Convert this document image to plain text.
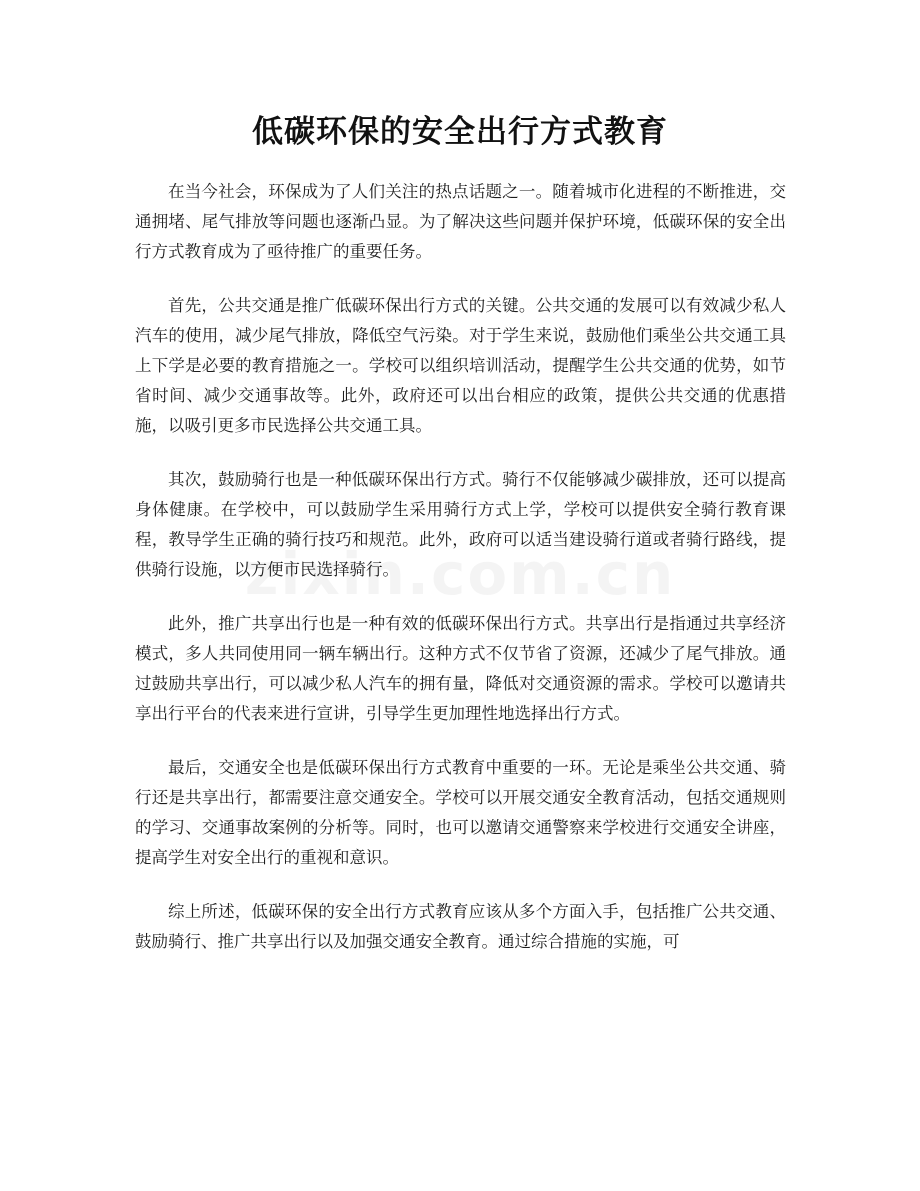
低碳环保的安全出行方式教育

在当今社会，环保成为了人们关注的热点话题之一。随着城市化进程的不断推进，交通拥堵、尾气排放等问题也逐渐凸显。为了解决这些问题并保护环境，低碳环保的安全出行方式教育成为了亟待推广的重要任务。

首先，公共交通是推广低碳环保出行方式的关键。公共交通的发展可以有效减少私人汽车的使用，减少尾气排放，降低空气污染。对于学生来说，鼓励他们乘坐公共交通工具上下学是必要的教育措施之一。学校可以组织培训活动，提醒学生公共交通的优势，如节省时间、减少交通事故等。此外，政府还可以出台相应的政策，提供公共交通的优惠措施，以吸引更多市民选择公共交通工具。

其次，鼓励骑行也是一种低碳环保出行方式。骑行不仅能够减少碳排放，还可以提高身体健康。在学校中，可以鼓励学生采用骑行方式上学，学校可以提供安全骑行教育课程，教导学生正确的骑行技巧和规范。此外，政府可以适当建设骑行道或者骑行路线，提供骑行设施，以方便市民选择骑行。

此外，推广共享出行也是一种有效的低碳环保出行方式。共享出行是指通过共享经济模式，多人共同使用同一辆车辆出行。这种方式不仅节省了资源，还减少了尾气排放。通过鼓励共享出行，可以减少私人汽车的拥有量，降低对交通资源的需求。学校可以邀请共享出行平台的代表来进行宣讲，引导学生更加理性地选择出行方式。

最后，交通安全也是低碳环保出行方式教育中重要的一环。无论是乘坐公共交通、骑行还是共享出行，都需要注意交通安全。学校可以开展交通安全教育活动，包括交通规则的学习、交通事故案例的分析等。同时，也可以邀请交通警察来学校进行交通安全讲座，提高学生对安全出行的重视和意识。

综上所述，低碳环保的安全出行方式教育应该从多个方面入手，包括推广公共交通、鼓励骑行、推广共享出行以及加强交通安全教育。通过综合措施的实施，可
